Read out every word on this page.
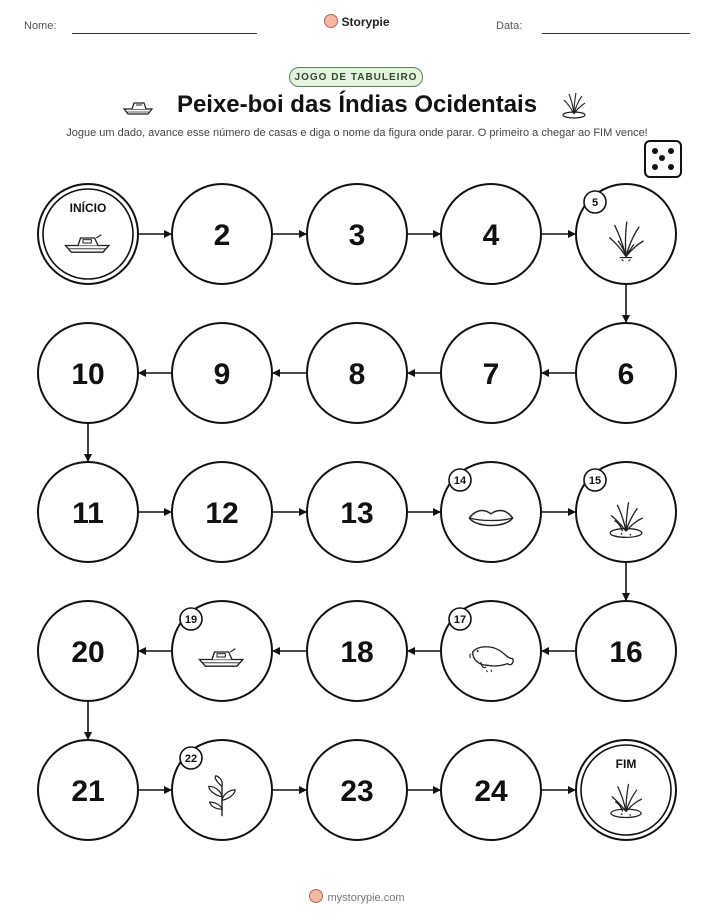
Nome:	Storypie	Data:
JOGO DE TABULEIRO
Peixe-boi das Índias Ocidentais
Jogue um dado, avance esse número de casas e diga o nome da figura onde parar. O primeiro a chegar ao FIM vence!
INÍCIO
2	3	4
5
6
7
8
9
10
11	12	13
14	15
16
17
18
19
20
21
22
23	24
FIM
mystorypie.com
